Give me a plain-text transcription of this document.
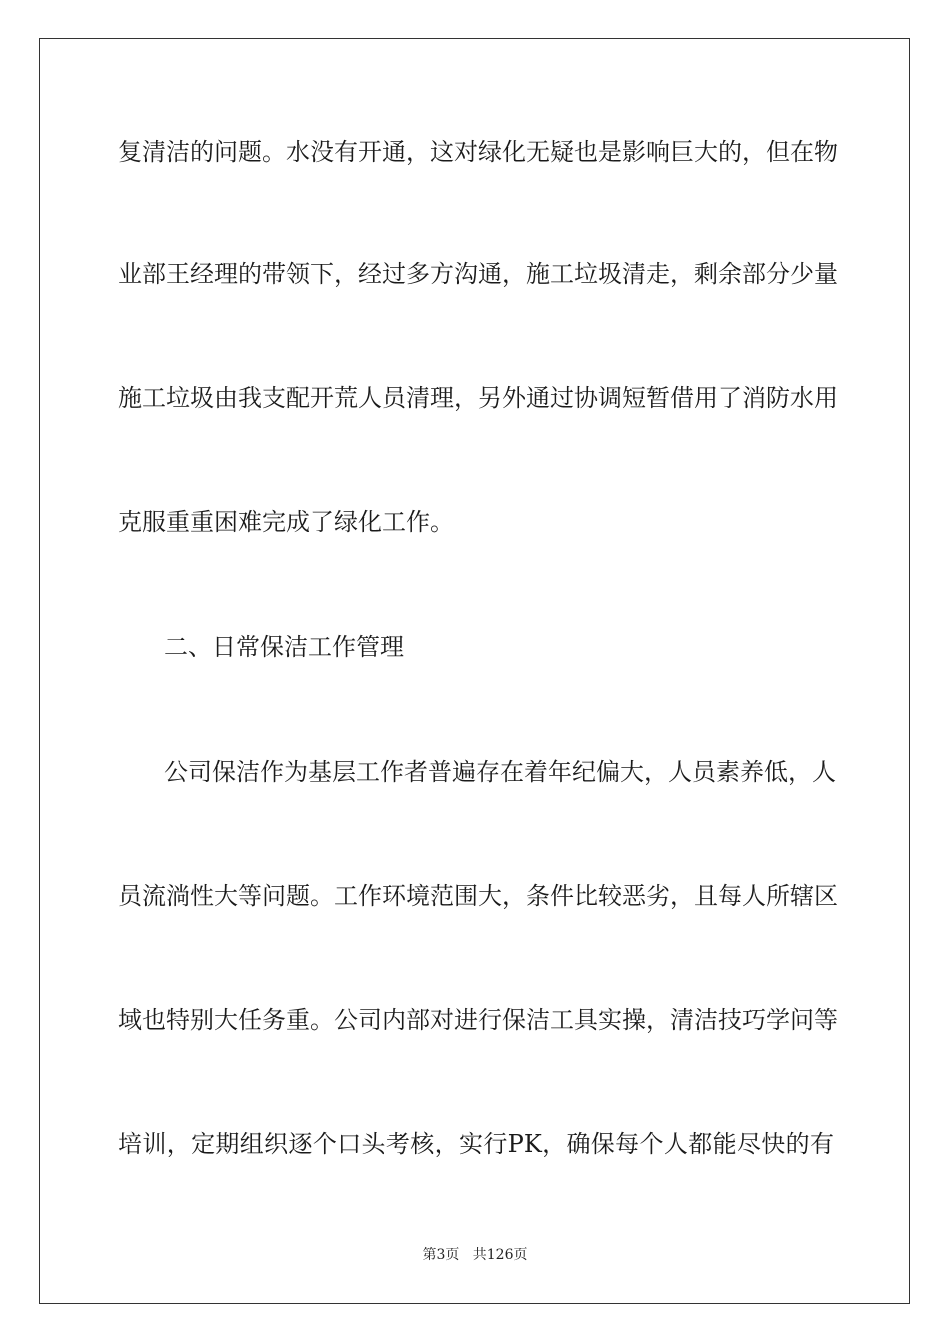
复清洁的问题。水没有开通，这对绿化无疑也是影响巨大的，但在物
业部王经理的带领下，经过多方沟通，施工垃圾清走，剩余部分少量
施工垃圾由我支配开荒人员清理，另外通过协调短暂借用了消防水用
克服重重困难完成了绿化工作。
二、日常保洁工作管理
公司保洁作为基层工作者普遍存在着年纪偏大，人员素养低，人
员流淌性大等问题。工作环境范围大，条件比较恶劣，且每人所辖区
域也特别大任务重。公司内部对进行保洁工具实操，清洁技巧学问等
培训，定期组织逐个口头考核，实行PK，确保每个人都能尽快的有
第3页 共126页
